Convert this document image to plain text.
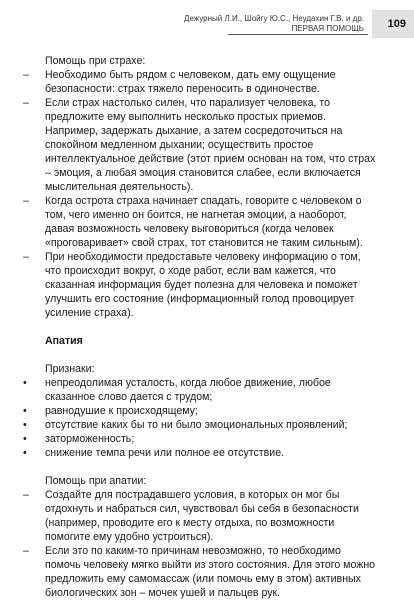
Дежурный Л.И., Шойгу Ю.С., Неудахин Г.В. и др.
ПЕРВАЯ ПОМОЩЬ 109

Помощь при страхе:

–	Необходимо быть рядом с человеком, дать ему ощущение безопасности: страх тяжело переносить в одиночестве.
–	Если страх настолько силен, что парализует человека, то предложите ему выполнить несколько простых приемов. Например, задержать дыхание, а затем сосредоточиться на спокойном медленном дыхании; осуществить простое интеллектуальное действие (этот прием основан на том, что страх – эмоция, а любая эмоция становится слабее, если включается мыслительная деятельность).
–	Когда острота страха начинает спадать, говорите с человеком о том, чего именно он боится, не нагнетая эмоции, а наоборот, давая возможность человеку выговориться (когда человек «проговаривает» свой страх, тот становится не таким сильным).
–	При необходимости предоставьте человеку информацию о том, что происходит вокруг, о ходе работ, если вам кажется, что сказанная информация будет полезна для человека и поможет улучшить его состояние (информационный голод провоцирует усиление страха).

Апатия

Признаки:

•	непреодолимая усталость, когда любое движение, любое сказанное слово дается с трудом;
•	равнодушие к происходящему;
•	отсутствие каких бы то ни было эмоциональных проявлений;
•	заторможенность;
•	снижение темпа речи или полное ее отсутствие.

Помощь при апатии:

–	Создайте для пострадавшего условия, в которых он мог бы отдохнуть и набраться сил, чувствовал бы себя в безопасности (например, проводите его к месту отдыха, по возможности помогите ему удобно устроиться).
–	Если это по каким-то причинам невозможно, то необходимо помочь человеку мягко выйти из этого состояния. Для этого можно предложить ему самомассаж (или помочь ему в этом) активных биологических зон – мочек ушей и пальцев рук.
